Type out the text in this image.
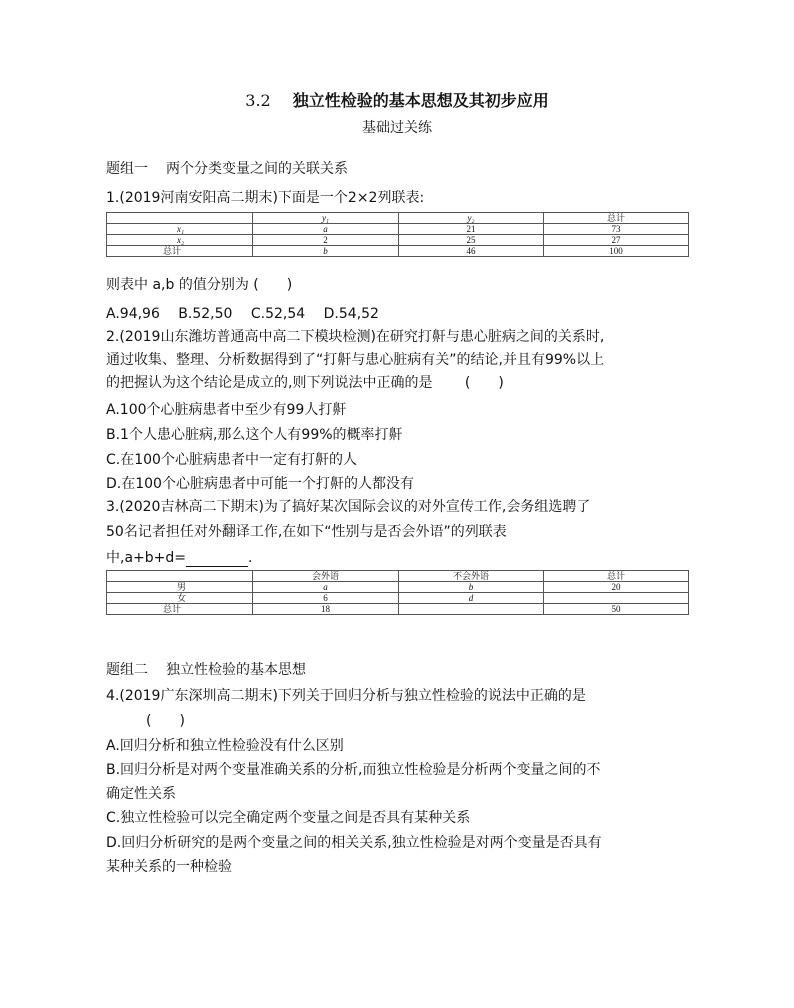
3.2 独立性检验的基本思想及其初步应用
基础过关练
题组一 两个分类变量之间的关联关系
1.(2019河南安阳高二期末)下面是一个2×2列联表:
	y₁	y₂	总计
x₁	a	21	73
x₂	2	25	27
总计	b	46	100
则表中 a,b 的值分别为 (　　)
A.94,96　 B.52,50　 C.52,54　 D.54,52
2.(2019山东潍坊普通高中高二下模块检测)在研究打鼾与患心脏病之间的关系时,
通过收集、整理、分析数据得到了“打鼾与患心脏病有关”的结论,并且有99%以上
的把握认为这个结论是成立的,则下列说法中正确的是　　 (　　)
A.100个心脏病患者中至少有99人打鼾
B.1个人患心脏病,那么这个人有99%的概率打鼾
C.在100个心脏病患者中一定有打鼾的人
D.在100个心脏病患者中可能一个打鼾的人都没有
3.(2020吉林高二下期末)为了搞好某次国际会议的对外宣传工作,会务组选聘了
50名记者担任对外翻译工作,在如下“性别与是否会外语”的列联表
中,a+b+d=	.
	会外语	不会外语	总计
男	a	b	20
女	6	d	
总计	18		50
题组二 独立性检验的基本思想
4.(2019广东深圳高二期末)下列关于回归分析与独立性检验的说法中正确的是
(　　)
A.回归分析和独立性检验没有什么区别
B.回归分析是对两个变量准确关系的分析,而独立性检验是分析两个变量之间的不
确定性关系
C.独立性检验可以完全确定两个变量之间是否具有某种关系
D.回归分析研究的是两个变量之间的相关关系,独立性检验是对两个变量是否具有
某种关系的一种检验
